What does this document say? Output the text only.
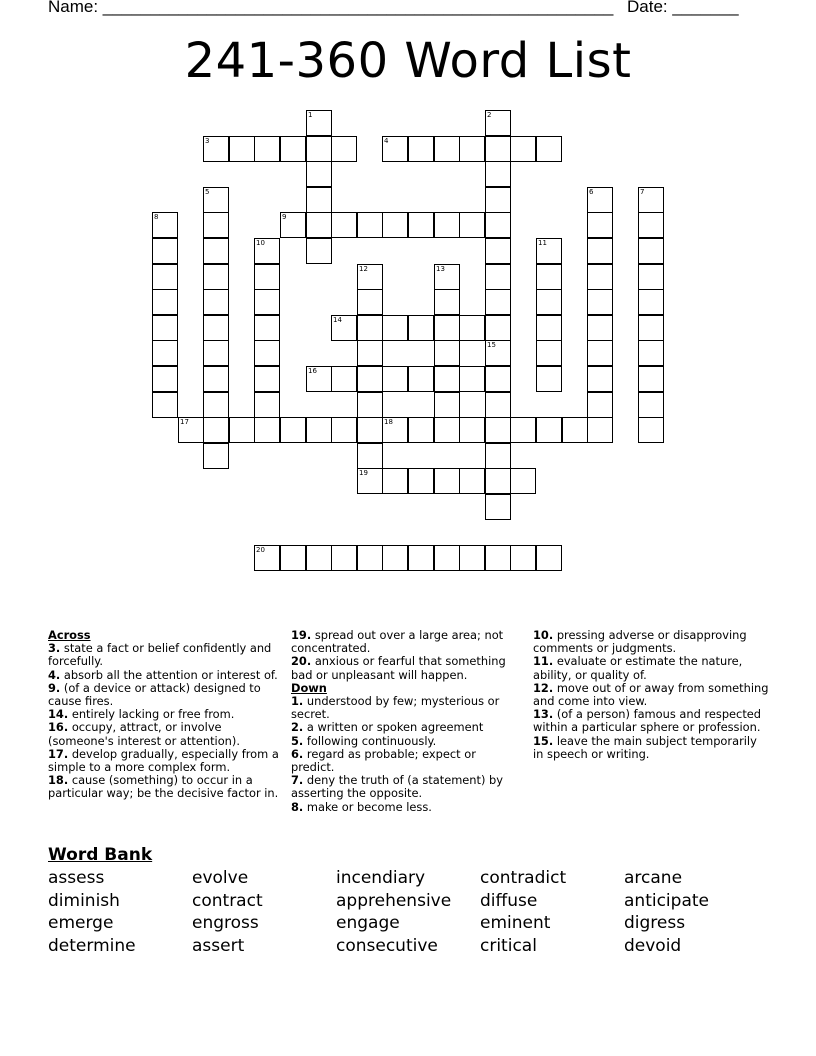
Name: ______________________________________________________ Date: _______
241-360 Word List
3	4
9
14
16
17	18
19
20
1	2
15
5	6	7
8
10	11
12	13
Across

3. state a fact or belief confidently and forcefully.

4. absorb all the attention or interest of.

9. (of a device or attack) designed to cause fires.

14. entirely lacking or free from.

16. occupy, attract, or involve (someone's interest or attention).

17. develop gradually, especially from a simple to a more complex form.

18. cause (something) to occur in a particular way; be the decisive factor in.

19. spread out over a large area; not concentrated.

20. anxious or fearful that something bad or unpleasant will happen.

Down

1. understood by few; mysterious or secret.

2. a written or spoken agreement

5. following continuously.

6. regard as probable; expect or predict.

7. deny the truth of (a statement) by asserting the opposite.

8. make or become less.

10. pressing adverse or disapproving comments or judgments.

11. evaluate or estimate the nature, ability, or quality of.

12. move out of or away from something and come into view.

13. (of a person) famous and respected within a particular sphere or profession.

15. leave the main subject temporarily in speech or writing.

Word Bank
assess	evolve	incendiary	contradict	arcane
diminish	contract	apprehensive	diffuse	anticipate
emerge	engross	engage	eminent	digress
determine	assert	consecutive	critical	devoid
